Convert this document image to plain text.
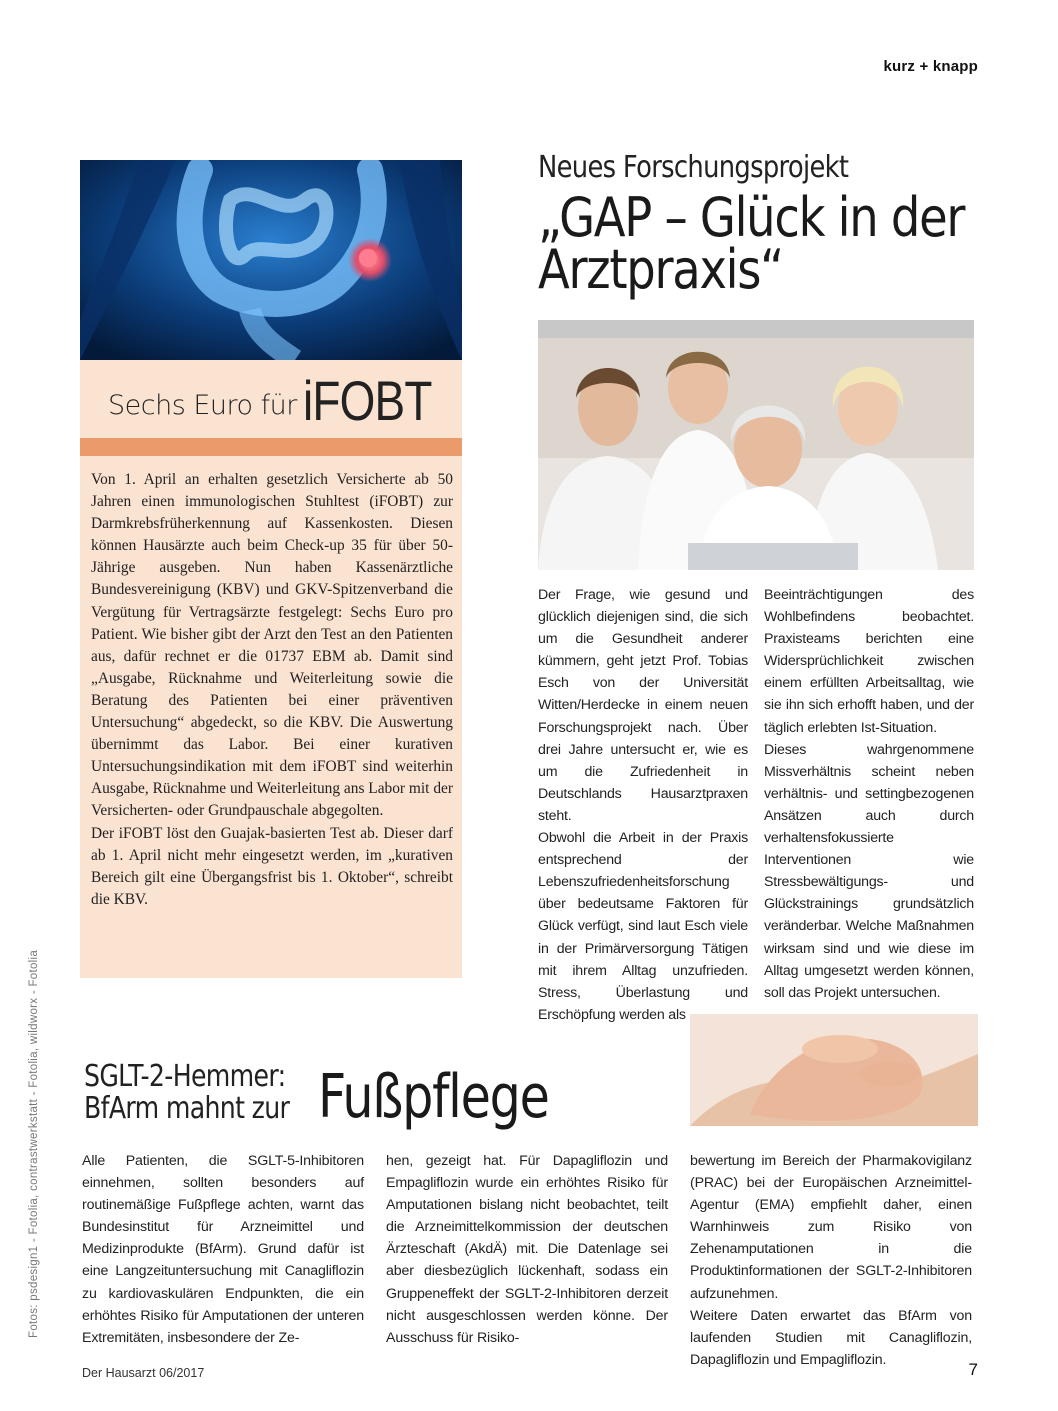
kurz + knapp
Sechs Euro für iFOBT

Von 1. April an erhalten gesetzlich Versicherte ab 50 Jahren einen immunologischen Stuhltest (iFOBT) zur Darmkrebsfrüherkennung auf Kassenkosten. Diesen können Hausärzte auch beim Check-up 35 für über 50-Jährige ausgeben. Nun haben Kassenärztliche Bundesvereinigung (KBV) und GKV-Spitzenverband die Vergütung für Vertragsärzte festgelegt: Sechs Euro pro Patient. Wie bisher gibt der Arzt den Test an den Patienten aus, dafür rechnet er die 01737 EBM ab. Damit sind „Ausgabe, Rücknahme und Weiterleitung sowie die Beratung des Patienten bei einer präventiven Untersuchung“ abgedeckt, so die KBV. Die Auswertung übernimmt das Labor. Bei einer kurativen Untersuchungsindikation mit dem iFOBT sind weiterhin Ausgabe, Rücknahme und Weiterleitung ans Labor mit der Versicherten- oder Grundpauschale abgegolten.

Der iFOBT löst den Guajak-basierten Test ab. Dieser darf ab 1. April nicht mehr eingesetzt werden, im „kurativen Bereich gilt eine Übergangsfrist bis 1. Oktober“, schreibt die KBV.

Neues Forschungsprojekt
„GAP – Glück in der Arztpraxis“

Der Frage, wie gesund und glücklich diejenigen sind, die sich um die Gesundheit anderer kümmern, geht jetzt Prof. Tobias Esch von der Universität Witten/Herdecke in einem neuen Forschungsprojekt nach. Über drei Jahre untersucht er, wie es um die Zufriedenheit in Deutschlands Hausarztpraxen steht.

Obwohl die Arbeit in der Praxis entsprechend der Lebenszufriedenheitsforschung über bedeutsame Faktoren für Glück verfügt, sind laut Esch viele in der Primärversorgung Tätigen mit ihrem Alltag unzufrieden. Stress, Überlastung und Erschöpfung werden als

Beeinträchtigungen des Wohlbefindens beobachtet. Praxisteams berichten eine Widersprüchlichkeit zwischen einem erfüllten Arbeitsalltag, wie sie ihn sich erhofft haben, und der täglich erlebten Ist-Situation.

Dieses wahrgenommene Missverhältnis scheint neben verhältnis- und settingbezogenen Ansätzen auch durch verhaltensfokussierte Interventionen wie Stressbewältigungs- und Glückstrainings grundsätzlich veränderbar. Welche Maßnahmen wirksam sind und wie diese im Alltag umgesetzt werden können, soll das Projekt untersuchen.

SGLT-2-Hemmer:
BfArm mahnt zur Fußpflege

Alle Patienten, die SGLT-5-Inhibitoren einnehmen, sollten besonders auf routinemäßige Fußpflege achten, warnt das Bundesinstitut für Arzneimittel und Medizinprodukte (BfArm). Grund dafür ist eine Langzeituntersuchung mit Canagliflozin zu kardiovaskulären Endpunkten, die ein erhöhtes Risiko für Amputationen der unteren Extremitäten, insbesondere der Ze-

hen, gezeigt hat. Für Dapagliflozin und Empagliflozin wurde ein erhöhtes Risiko für Amputationen bislang nicht beobachtet, teilt die Arzneimittelkommission der deutschen Ärzteschaft (AkdÄ) mit. Die Datenlage sei aber diesbezüglich lückenhaft, sodass ein Gruppeneffekt der SGLT-2-Inhibitoren derzeit nicht ausgeschlossen werden könne. Der Ausschuss für Risiko-

bewertung im Bereich der Pharmakovigilanz (PRAC) bei der Europäischen Arzneimittel-Agentur (EMA) empfiehlt daher, einen Warnhinweis zum Risiko von Zehenamputationen in die Produktinformationen der SGLT-2-Inhibitoren aufzunehmen.

Weitere Daten erwartet das BfArm von laufenden Studien mit Canagliflozin, Dapagliflozin und Empagliflozin.

Fotos: psdesign1 - Fotolia, contrastwerkstatt - Fotolia, wildworx - Fotolia
Der Hausarzt 06/2017	7
